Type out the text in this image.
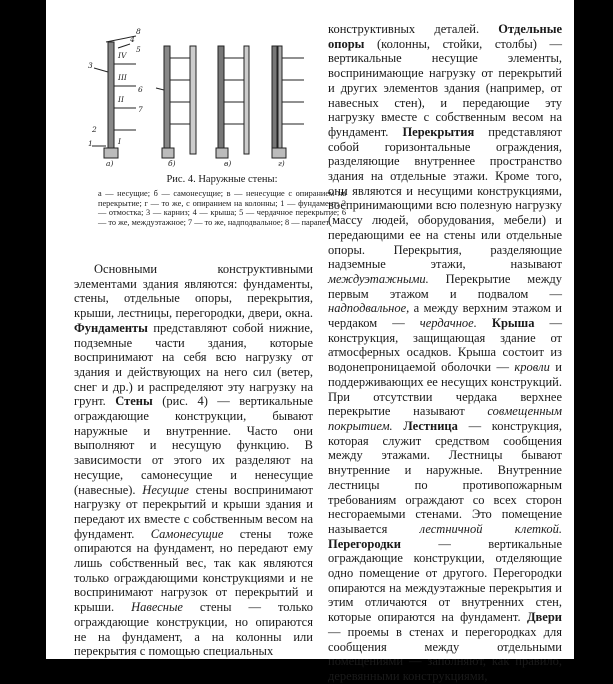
IV
III
II
I
1
2
3
4
5
6
7
8
а)	б)	в)	г)
Рис. 4. Наружные стены:
а — несущие; б — самонесущие; в — ненесущие с опиранием на перекрытие; г — то же, с опиранием на колонны; 1 — фундамент; 2 — отмостка; 3 — карниз; 4 — крыша; 5 — чердачное перекрытие; 6 — то же, междуэтажное; 7 — то же, надподвальное; 8 — парапет

Основными конструктивными элементами здания являются: фундаменты, стены, отдельные опоры, перекрытия, крыши, лестницы, перегородки, двери, окна. Фундаменты представляют собой нижние, подземные части здания, которые воспринимают на себя всю нагрузку от здания и действующих на него сил (ветер, снег и др.) и распределяют эту нагрузку на грунт. Стены (рис. 4) — вертикальные ограждающие конструкции, бывают наружные и внутренние. Часто они выполняют и несущую функцию. В зависимости от этого их разделяют на несущие, самонесущие и ненесущие (навесные). Несущие стены воспринимают нагрузку от перекрытий и крыши здания и передают их вместе с собственным весом на фундамент. Самонесущие стены тоже опираются на фундамент, но передают ему лишь собственный вес, так как являются только ограждающими конструкциями и не воспринимают нагрузок от перекрытий и крыши. Навесные стены — только ограждающие конструкции, но опираются не на фундамент, а на колонны или перекрытия с помощью специальных

конструктивных деталей. Отдельные опоры (колонны, стойки, столбы) — вертикальные несущие элементы, воспринимающие нагрузку от перекрытий и других элементов здания (например, от навесных стен), и передающие эту нагрузку вместе с собственным весом на фундамент. Перекрытия представляют собой горизонтальные ограждения, разделяющие внутреннее пространство здания на отдельные этажи. Кроме того, они являются и несущими конструкциями, воспринимающими всю полезную нагрузку (массу людей, оборудования, мебели) и передающими ее на стены или отдельные опоры. Перекрытия, разделяющие надземные этажи, называют междуэтажными. Перекрытие между первым этажом и подвалом — надподвальное, а между верхним этажом и чердаком — чердачное. Крыша — конструкция, защищающая здание от атмосферных осадков. Крыша состоит из водонепроницаемой оболочки — кровли и поддерживающих ее несущих конструкций. При отсутствии чердака верхнее перекрытие называют совмещенным покрытием. Лестница — конструкция, которая служит средством сообщения между этажами. Лестницы бывают внутренние и наружные. Внутренние лестницы по противопожарным требованиям ограждают со всех сторон несгораемыми стенами. Это помещение называется лестничной клеткой. Перегородки — вертикальные ограждающие конструкции, отделяющие одно помещение от другого. Перегородки опираются на междуэтажные перекрытия и этим отличаются от внутренних стен, которые опираются на фундамент. Двери — проемы в стенах и перегородках для сообщения между отдельными помещениями — заполняют, как правило, деревянными конструкциями,
